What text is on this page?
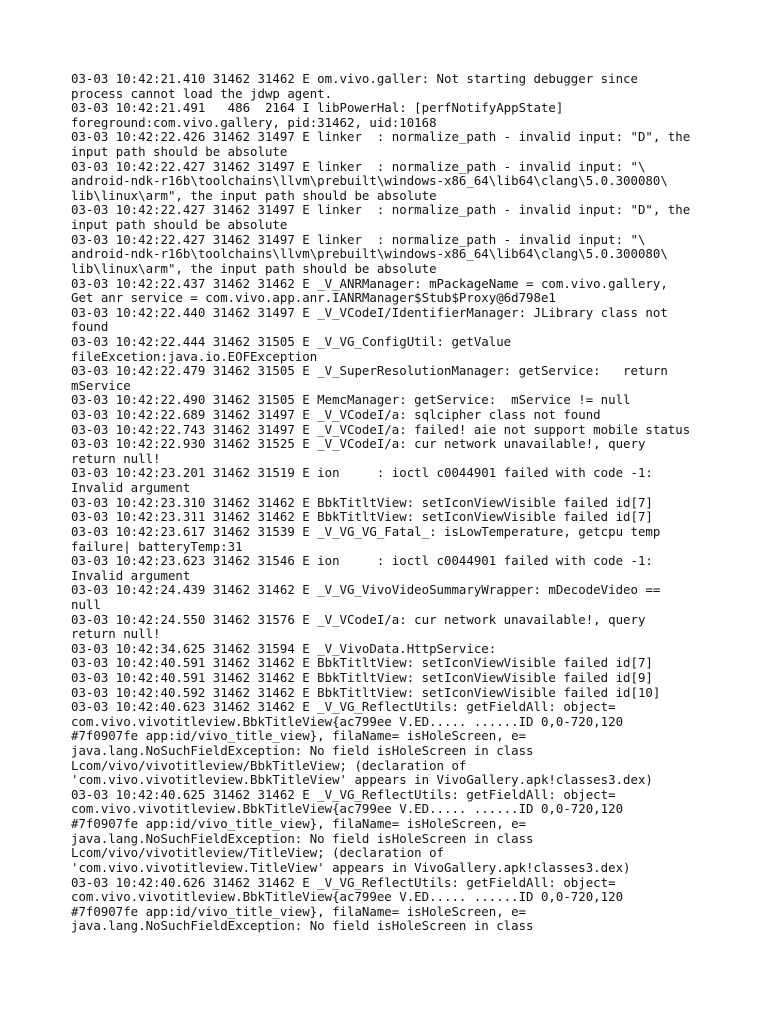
03-03 10:42:21.410 31462 31462 E om.vivo.galler: Not starting debugger since
process cannot load the jdwp agent.
03-03 10:42:21.491   486  2164 I libPowerHal: [perfNotifyAppState]
foreground:com.vivo.gallery, pid:31462, uid:10168
03-03 10:42:22.426 31462 31497 E linker  : normalize_path - invalid input: "D", the
input path should be absolute
03-03 10:42:22.427 31462 31497 E linker  : normalize_path - invalid input: "\
android-ndk-r16b\toolchains\llvm\prebuilt\windows-x86_64\lib64\clang\5.0.300080\
lib\linux\arm", the input path should be absolute
03-03 10:42:22.427 31462 31497 E linker  : normalize_path - invalid input: "D", the
input path should be absolute
03-03 10:42:22.427 31462 31497 E linker  : normalize_path - invalid input: "\
android-ndk-r16b\toolchains\llvm\prebuilt\windows-x86_64\lib64\clang\5.0.300080\
lib\linux\arm", the input path should be absolute
03-03 10:42:22.437 31462 31462 E _V_ANRManager: mPackageName = com.vivo.gallery,
Get anr service = com.vivo.app.anr.IANRManager$Stub$Proxy@6d798e1
03-03 10:42:22.440 31462 31497 E _V_VCodeI/IdentifierManager: JLibrary class not
found
03-03 10:42:22.444 31462 31505 E _V_VG_ConfigUtil: getValue
fileExcetion:java.io.EOFException
03-03 10:42:22.479 31462 31505 E _V_SuperResolutionManager: getService:   return
mService
03-03 10:42:22.490 31462 31505 E MemcManager: getService:  mService != null
03-03 10:42:22.689 31462 31497 E _V_VCodeI/a: sqlcipher class not found
03-03 10:42:22.743 31462 31497 E _V_VCodeI/a: failed! aie not support mobile status
03-03 10:42:22.930 31462 31525 E _V_VCodeI/a: cur network unavailable!, query
return null!
03-03 10:42:23.201 31462 31519 E ion     : ioctl c0044901 failed with code -1:
Invalid argument
03-03 10:42:23.310 31462 31462 E BbkTitltView: setIconViewVisible failed id[7]
03-03 10:42:23.311 31462 31462 E BbkTitltView: setIconViewVisible failed id[7]
03-03 10:42:23.617 31462 31539 E _V_VG_VG_Fatal_: isLowTemperature, getcpu temp
failure| batteryTemp:31
03-03 10:42:23.623 31462 31546 E ion     : ioctl c0044901 failed with code -1:
Invalid argument
03-03 10:42:24.439 31462 31462 E _V_VG_VivoVideoSummaryWrapper: mDecodeVideo ==
null
03-03 10:42:24.550 31462 31576 E _V_VCodeI/a: cur network unavailable!, query
return null!
03-03 10:42:34.625 31462 31594 E _V_VivoData.HttpService:
03-03 10:42:40.591 31462 31462 E BbkTitltView: setIconViewVisible failed id[7]
03-03 10:42:40.591 31462 31462 E BbkTitltView: setIconViewVisible failed id[9]
03-03 10:42:40.592 31462 31462 E BbkTitltView: setIconViewVisible failed id[10]
03-03 10:42:40.623 31462 31462 E _V_VG_ReflectUtils: getFieldAll: object=
com.vivo.vivotitleview.BbkTitleView{ac799ee V.ED..... ......ID 0,0-720,120
#7f0907fe app:id/vivo_title_view}, filaName= isHoleScreen, e=
java.lang.NoSuchFieldException: No field isHoleScreen in class
Lcom/vivo/vivotitleview/BbkTitleView; (declaration of
'com.vivo.vivotitleview.BbkTitleView' appears in VivoGallery.apk!classes3.dex)
03-03 10:42:40.625 31462 31462 E _V_VG_ReflectUtils: getFieldAll: object=
com.vivo.vivotitleview.BbkTitleView{ac799ee V.ED..... ......ID 0,0-720,120
#7f0907fe app:id/vivo_title_view}, filaName= isHoleScreen, e=
java.lang.NoSuchFieldException: No field isHoleScreen in class
Lcom/vivo/vivotitleview/TitleView; (declaration of
'com.vivo.vivotitleview.TitleView' appears in VivoGallery.apk!classes3.dex)
03-03 10:42:40.626 31462 31462 E _V_VG_ReflectUtils: getFieldAll: object=
com.vivo.vivotitleview.BbkTitleView{ac799ee V.ED..... ......ID 0,0-720,120
#7f0907fe app:id/vivo_title_view}, filaName= isHoleScreen, e=
java.lang.NoSuchFieldException: No field isHoleScreen in class
